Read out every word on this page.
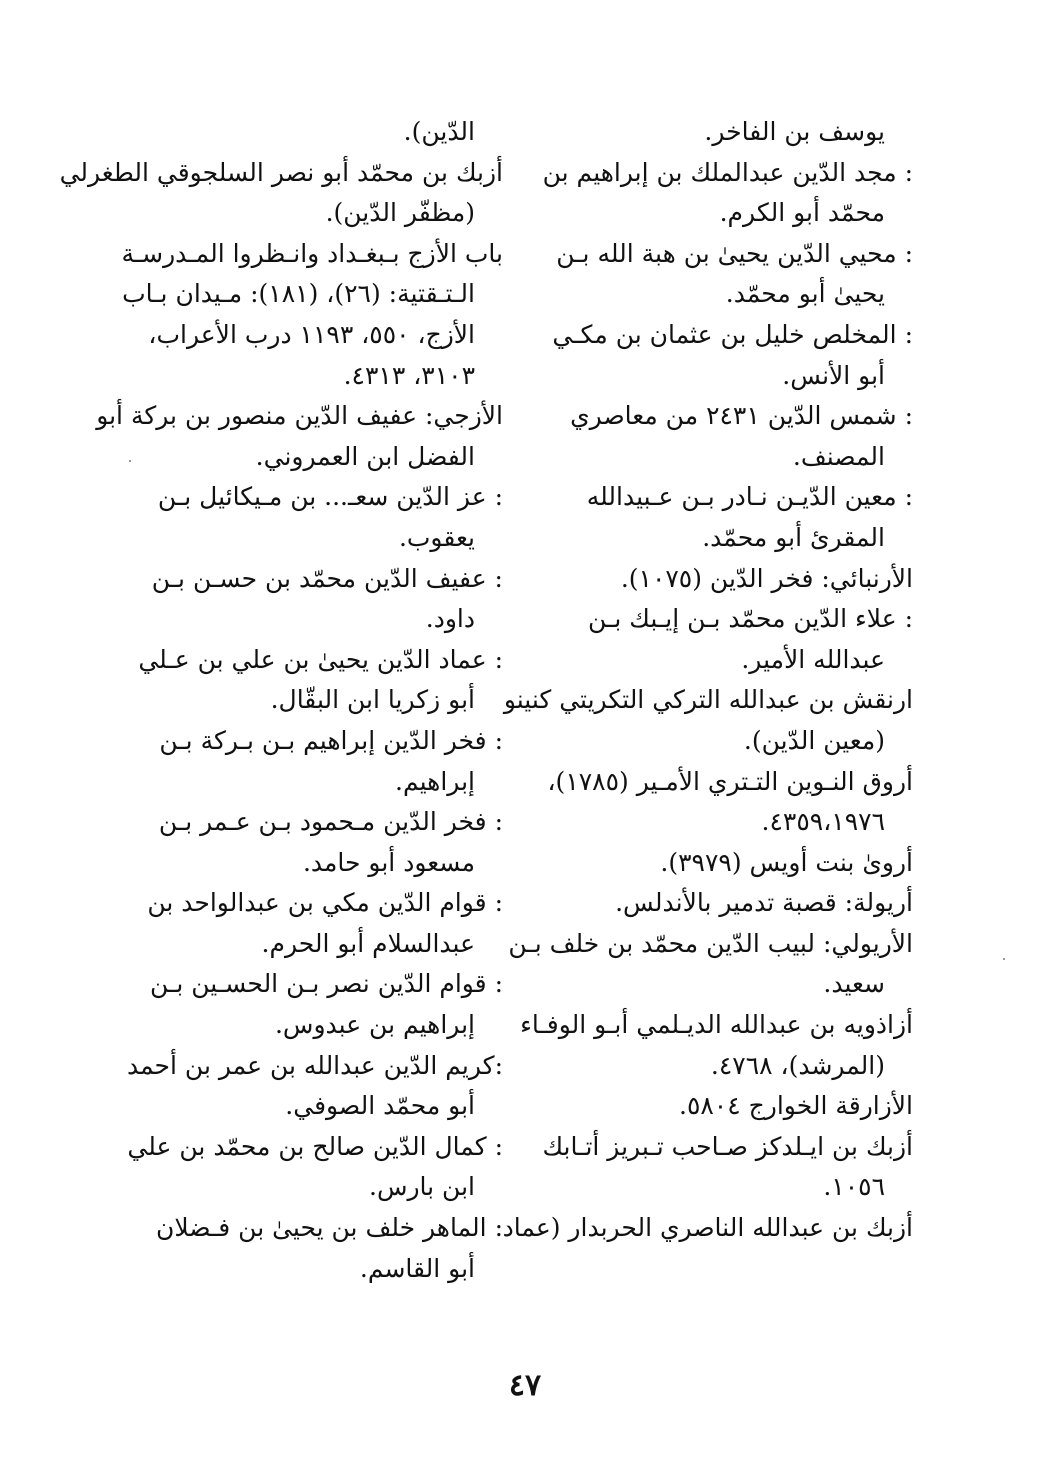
يوسف بن الفاخر.
: مجد الدّين عبدالملك بن إبراهيم بن
محمّد أبو الكرم.
: محيي الدّين يحيىٰ بن هبة الله بـن
يحيىٰ أبو محمّد.
: المخلص خليل بن عثمان بن مكـي
أبو الأنس.
: شمس الدّين ٢٤٣١ من معاصري
المصنف.
: معين الدّيـن نـادر بـن عـبيدالله
المقرئ أبو محمّد.
الأرنبائي: فخر الدّين (١٠٧٥).
: علاء الدّين محمّد بـن إيـبك بـن
عبدالله الأمير.
ارنقش بن عبدالله التركي التكريتي كنينو
(معين الدّين).
أروق النـوين التـتري الأمـير (١٧٨٥)،
٤٣٥٩،١٩٧٦.
أرویٰ بنت أويس (٣٩٧٩).
أريولة: قصبة تدمير بالأندلس.
الأريولي: لبيب الدّين محمّد بن خلف بـن
سعيد.
أزاذويه بن عبدالله الديـلمي أبـو الوفـاء
(المرشد)، ٤٧٦٨.
الأزارقة الخوارج ٥٨٠٤.
أزبك بن ايـلدكز صـاحب تـبريز أتـابك
١٠٥٦.
أزبك بن عبدالله الناصري الحربدار (عماد
الدّين).
أزبك بن محمّد أبو نصر السلجوقي الطغرلي
(مظفّر الدّين).
باب الأزج بـبغـداد وانـظروا المـدرسـة
الـتـقتية: (٢٦)، (١٨١): مـيدان بـاب
الأزج، ٥٥٠، ١١٩٣ درب الأعراب،
٣١٠٣، ٤٣١٣.
الأزجي: عفيف الدّين منصور بن بركة أبو
الفضل ابن العمروني.
: عز الدّين سعـ... بن مـيكائيل بـن
يعقوب.
: عفيف الدّين محمّد بن حسـن بـن
داود.
: عماد الدّين يحيىٰ بن علي بن عـلي
أبو زكريا ابن البقّال.
: فخر الدّين إبراهيم بـن بـركة بـن
إبراهيم.
: فخر الدّين مـحمود بـن عـمر بـن
مسعود أبو حامد.
: قوام الدّين مكي بن عبدالواحد بن
عبدالسلام أبو الحرم.
: قوام الدّين نصر بـن الحسـين بـن
إبراهيم بن عبدوس.
:كريم الدّين عبدالله بن عمر بن أحمد
أبو محمّد الصوفي.
: كمال الدّين صالح بن محمّد بن علي
ابن بارس.
: الماهر خلف بن يحيىٰ بن فـضلان
أبو القاسم.
٤٧
